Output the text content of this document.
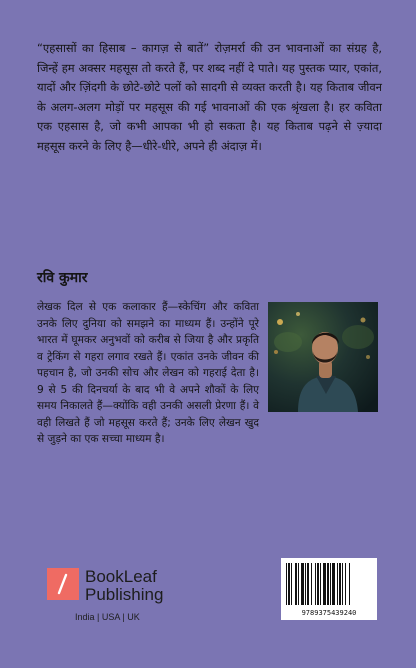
“एहसासों का हिसाब – कागज़ से बातें” रोज़मर्रा की उन भावनाओं का संग्रह है, जिन्हें हम अक्सर महसूस तो करते हैं, पर शब्द नहीं दे पाते। यह पुस्तक प्यार, एकांत, यादों और ज़िंदगी के छोटे-छोटे पलों को सादगी से व्यक्त करती है। यह किताब जीवन के अलग-अलग मोड़ों पर महसूस की गई भावनाओं की एक श्रृंखला है। हर कविता एक एहसास है, जो कभी आपका भी हो सकता है। यह किताब पढ़ने से ज़्यादा महसूस करने के लिए है—धीरे-धीरे, अपने ही अंदाज़ में।

रवि कुमार

लेखक दिल से एक कलाकार हैं—स्केचिंग और कविता उनके लिए दुनिया को समझने का माध्यम हैं। उन्होंने पूरे भारत में घूमकर अनुभवों को करीब से जिया है और प्रकृति व ट्रेकिंग से गहरा लगाव रखते हैं। एकांत उनके जीवन की पहचान है, जो उनकी सोच और लेखन को गहराई देता है। 9 से 5 की दिनचर्या के बाद भी वे अपने शौकों के लिए समय निकालते हैं—क्योंकि वही उनकी असली प्रेरणा हैं। वे वही लिखते हैं जो महसूस करते हैं; उनके लिए लेखन खुद से जुड़ने का एक सच्चा माध्यम है।

BookLeaf
Publishing
India | USA | UK	9789375439240
